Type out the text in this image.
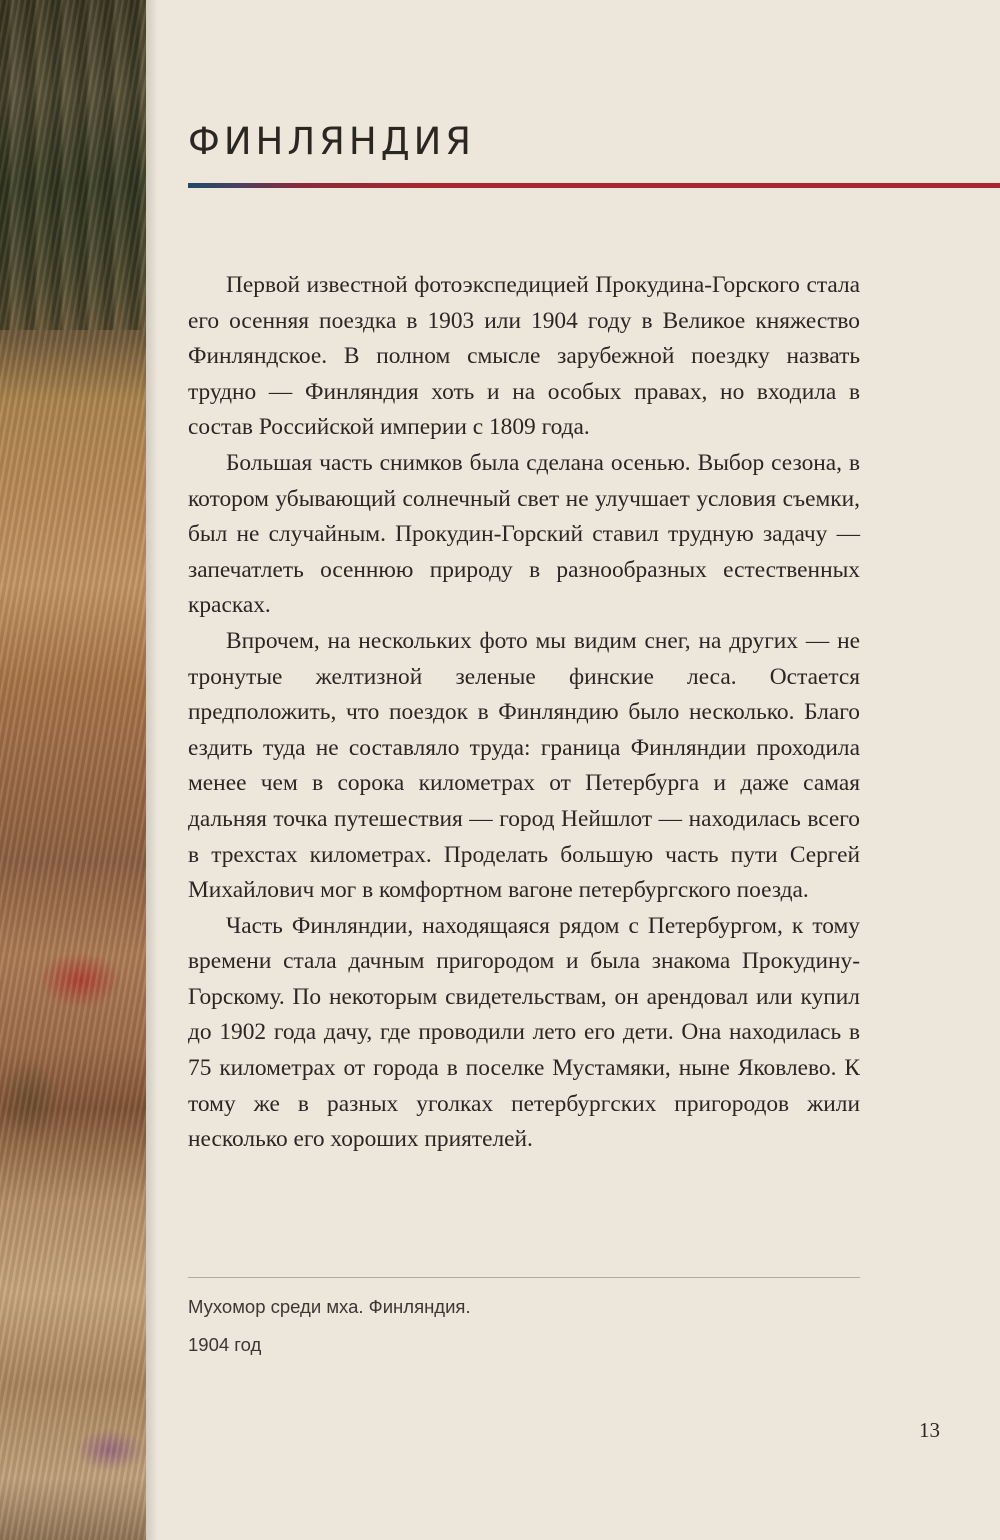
ФИНЛЯНДИЯ

Первой известной фотоэкспедицией Прокудина-Горского стала его осенняя поездка в 1903 или 1904 году в Великое княжество Финляндское. В полном смысле зарубежной поездку назвать трудно — Финляндия хоть и на особых правах, но входила в состав Российской империи с 1809 года.

Большая часть снимков была сделана осенью. Выбор сезона, в котором убывающий солнечный свет не улучшает условия съемки, был не случайным. Прокудин-Горский ставил трудную задачу — запечатлеть осеннюю природу в разнообразных естественных красках.

Впрочем, на нескольких фото мы видим снег, на других — не тронутые желтизной зеленые финские леса. Остается предположить, что поездок в Финляндию было несколько. Благо ездить туда не составляло труда: граница Финляндии проходила менее чем в сорока километрах от Петербурга и даже самая дальняя точка путешествия — город Нейшлот — находилась всего в трехстах километрах. Проделать большую часть пути Сергей Михайлович мог в комфортном вагоне петербургского поезда.

Часть Финляндии, находящаяся рядом с Петербургом, к тому времени стала дачным пригородом и была знакома Прокудину-Горскому. По некоторым свидетельствам, он арендовал или купил до 1902 года дачу, где проводили лето его дети. Она находилась в 75 километрах от города в поселке Мустамяки, ныне Яковлево. К тому же в разных уголках петербургских пригородов жили несколько его хороших приятелей.

Мухомор среди мха. Финляндия.
1904 год
13
